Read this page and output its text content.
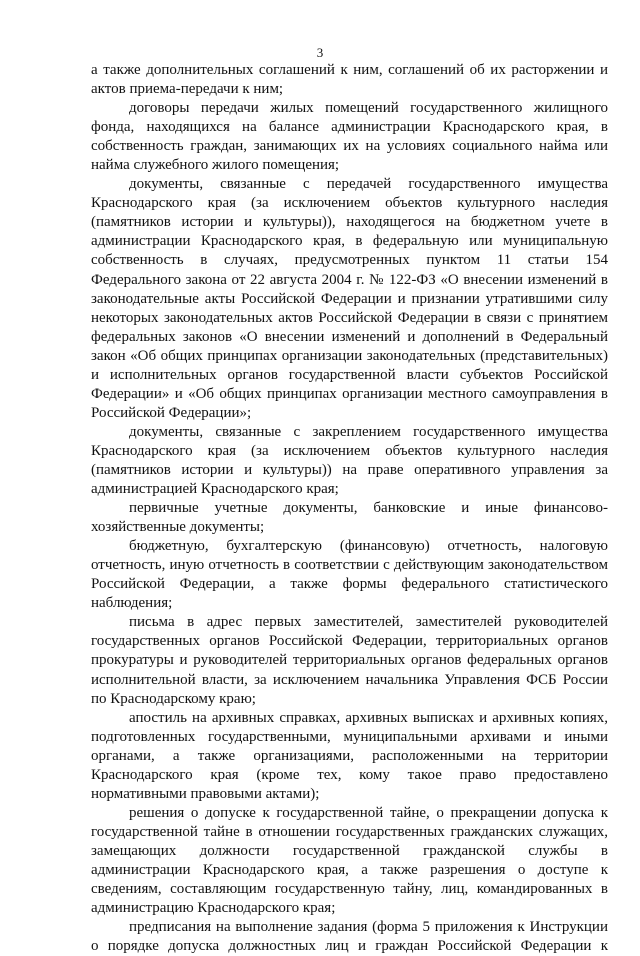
3

а также дополнительных соглашений к ним, соглашений об их расторжении и актов приема-передачи к ним;

договоры передачи жилых помещений государственного жилищного фонда, находящихся на балансе администрации Краснодарского края, в собственность граждан, занимающих их на условиях социального найма или найма служебного жилого помещения;

документы, связанные с передачей государственного имущества Краснодарского края (за исключением объектов культурного наследия (памятников истории и культуры)), находящегося на бюджетном учете в администрации Краснодарского края, в федеральную или муниципальную собственность в случаях, предусмотренных пунктом 11 статьи 154 Федерального закона от 22 августа 2004 г. № 122-ФЗ «О внесении изменений в законодательные акты Российской Федерации и признании утратившими силу некоторых законодательных актов Российской Федерации в связи с принятием федеральных законов «О внесении изменений и дополнений в Федеральный закон «Об общих принципах организации законодательных (представительных) и исполнительных органов государственной власти субъектов Российской Федерации» и «Об общих принципах организации местного самоуправления в Российской Федерации»;

документы, связанные с закреплением государственного имущества Краснодарского края (за исключением объектов культурного наследия (памятников истории и культуры)) на праве оперативного управления за администрацией Краснодарского края;

первичные учетные документы, банковские и иные финансово-хозяйственные документы;

бюджетную, бухгалтерскую (финансовую) отчетность, налоговую отчетность, иную отчетность в соответствии с действующим законодательством Российской Федерации, а также формы федерального статистического наблюдения;

письма в адрес первых заместителей, заместителей руководителей государственных органов Российской Федерации, территориальных органов прокуратуры и руководителей территориальных органов федеральных органов исполнительной власти, за исключением начальника Управления ФСБ России по Краснодарскому краю;

апостиль на архивных справках, архивных выписках и архивных копиях, подготовленных государственными, муниципальными архивами и иными органами, а также организациями, расположенными на территории Краснодарского края (кроме тех, кому такое право предоставлено нормативными правовыми актами);

решения о допуске к государственной тайне, о прекращении допуска к государственной тайне в отношении государственных гражданских служащих, замещающих должности государственной гражданской службы в администрации Краснодарского края, а также разрешения о доступе к сведениям, составляющим государственную тайну, лиц, командированных в администрацию Краснодарского края;

предписания на выполнение задания (форма 5 приложения к Инструкции о порядке допуска должностных лиц и граждан Российской Федерации к
